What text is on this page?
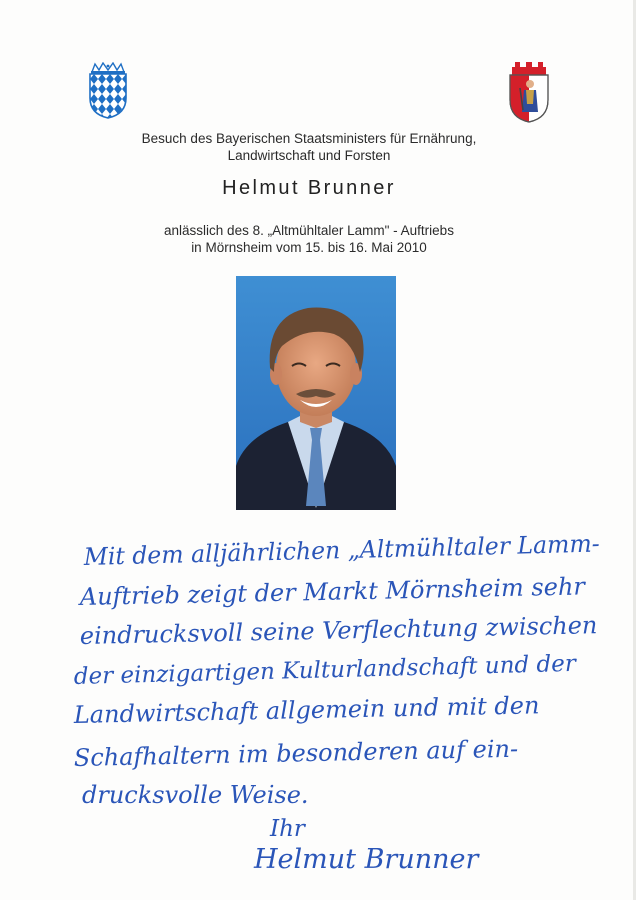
Besuch des Bayerischen Staatsministers für Ernährung,
Landwirtschaft und Forsten
Helmut Brunner
anlässlich des 8. „Altmühltaler Lamm" - Auftriebs
in Mörnsheim vom 15. bis 16. Mai 2010
Mit dem alljährlichen „Altmühltaler Lamm-
Auftrieb zeigt der Markt Mörnsheim sehr
eindrucksvoll seine Verflechtung zwischen
der einzigartigen Kulturlandschaft und der
Landwirtschaft allgemein und mit den
Schafhaltern im besonderen auf ein-
drucksvolle Weise.
Ihr
Helmut Brunner
